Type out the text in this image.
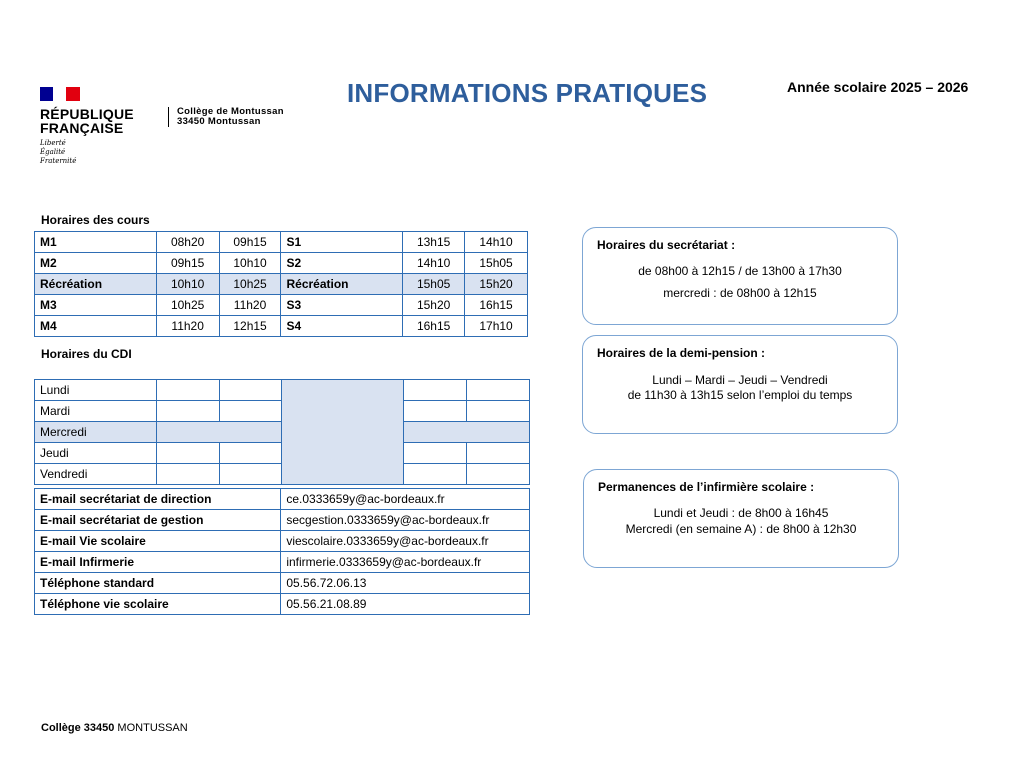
RÉPUBLIQUE
FRANÇAISE
Liberté
Égalité
Fraternité
Collège de Montussan
33450 Montussan
INFORMATIONS PRATIQUES	Année scolaire 2025 – 2026
Horaires des cours
M1	08h20	09h15	S1	13h15	14h10
M2	09h15	10h10	S2	14h10	15h05
Récréation	10h10	10h25	Récréation	15h05	15h20
M3	10h25	11h20	S3	15h20	16h15
M4	11h20	12h15	S4	16h15	17h10
Horaires du CDI
Lundi					
Mardi					
Mercredi					
Jeudi					
Vendredi					
E-mail secrétariat de direction	ce.0333659y@ac-bordeaux.fr
E-mail secrétariat de gestion	secgestion.0333659y@ac-bordeaux.fr
E-mail Vie scolaire	viescolaire.0333659y@ac-bordeaux.fr
E-mail Infirmerie	infirmerie.0333659y@ac-bordeaux.fr
Téléphone standard	05.56.72.06.13
Téléphone vie scolaire	05.56.21.08.89
Horaires du secrétariat :
de 08h00 à 12h15 / de 13h00 à 17h30
mercredi : de 08h00 à 12h15
Horaires de la demi-pension :
Lundi – Mardi – Jeudi – Vendredi
de 11h30 à 13h15 selon l’emploi du temps
Permanences de l’infirmière scolaire :
Lundi et Jeudi : de 8h00 à 16h45
Mercredi (en semaine A) : de 8h00 à 12h30
Collège 33450 MONTUSSAN
